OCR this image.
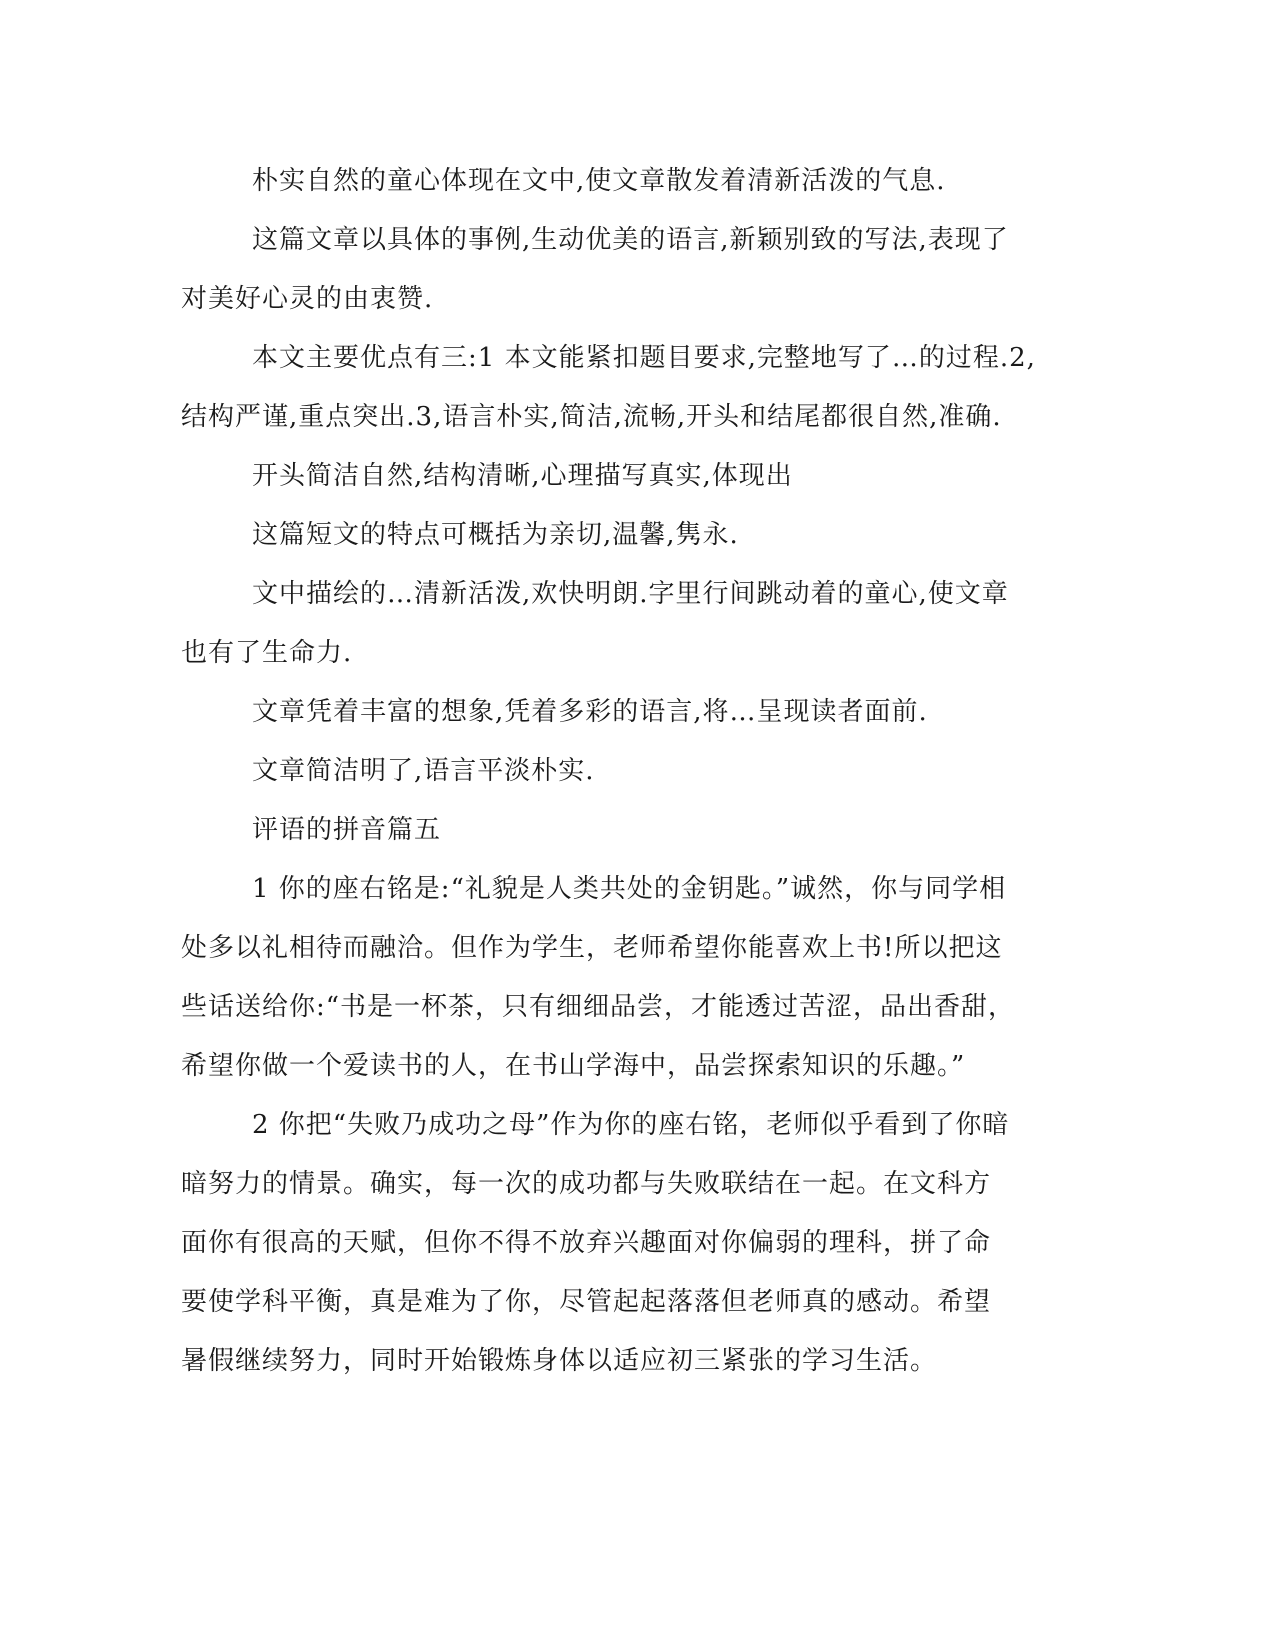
朴实自然的童心体现在文中,使文章散发着清新活泼的气息.
这篇文章以具体的事例,生动优美的语言,新颖别致的写法,表现了
对美好心灵的由衷赞.
本文主要优点有三:1 本文能紧扣题目要求,完整地写了…的过程.2,
结构严谨,重点突出.3,语言朴实,简洁,流畅,开头和结尾都很自然,准确.
开头简洁自然,结构清晰,心理描写真实,体现出
这篇短文的特点可概括为亲切,温馨,隽永.
文中描绘的…清新活泼,欢快明朗.字里行间跳动着的童心,使文章
也有了生命力.
文章凭着丰富的想象,凭着多彩的语言,将…呈现读者面前.
文章简洁明了,语言平淡朴实.
评语的拼音篇五
1 你的座右铭是:“礼貌是人类共处的金钥匙。”诚然，你与同学相
处多以礼相待而融洽。但作为学生，老师希望你能喜欢上书!所以把这
些话送给你:“书是一杯茶，只有细细品尝，才能透过苦涩，品出香甜，
希望你做一个爱读书的人，在书山学海中，品尝探索知识的乐趣。”
2 你把“失败乃成功之母”作为你的座右铭，老师似乎看到了你暗
暗努力的情景。确实，每一次的成功都与失败联结在一起。在文科方
面你有很高的天赋，但你不得不放弃兴趣面对你偏弱的理科，拼了命
要使学科平衡，真是难为了你，尽管起起落落但老师真的感动。希望
暑假继续努力，同时开始锻炼身体以适应初三紧张的学习生活。
